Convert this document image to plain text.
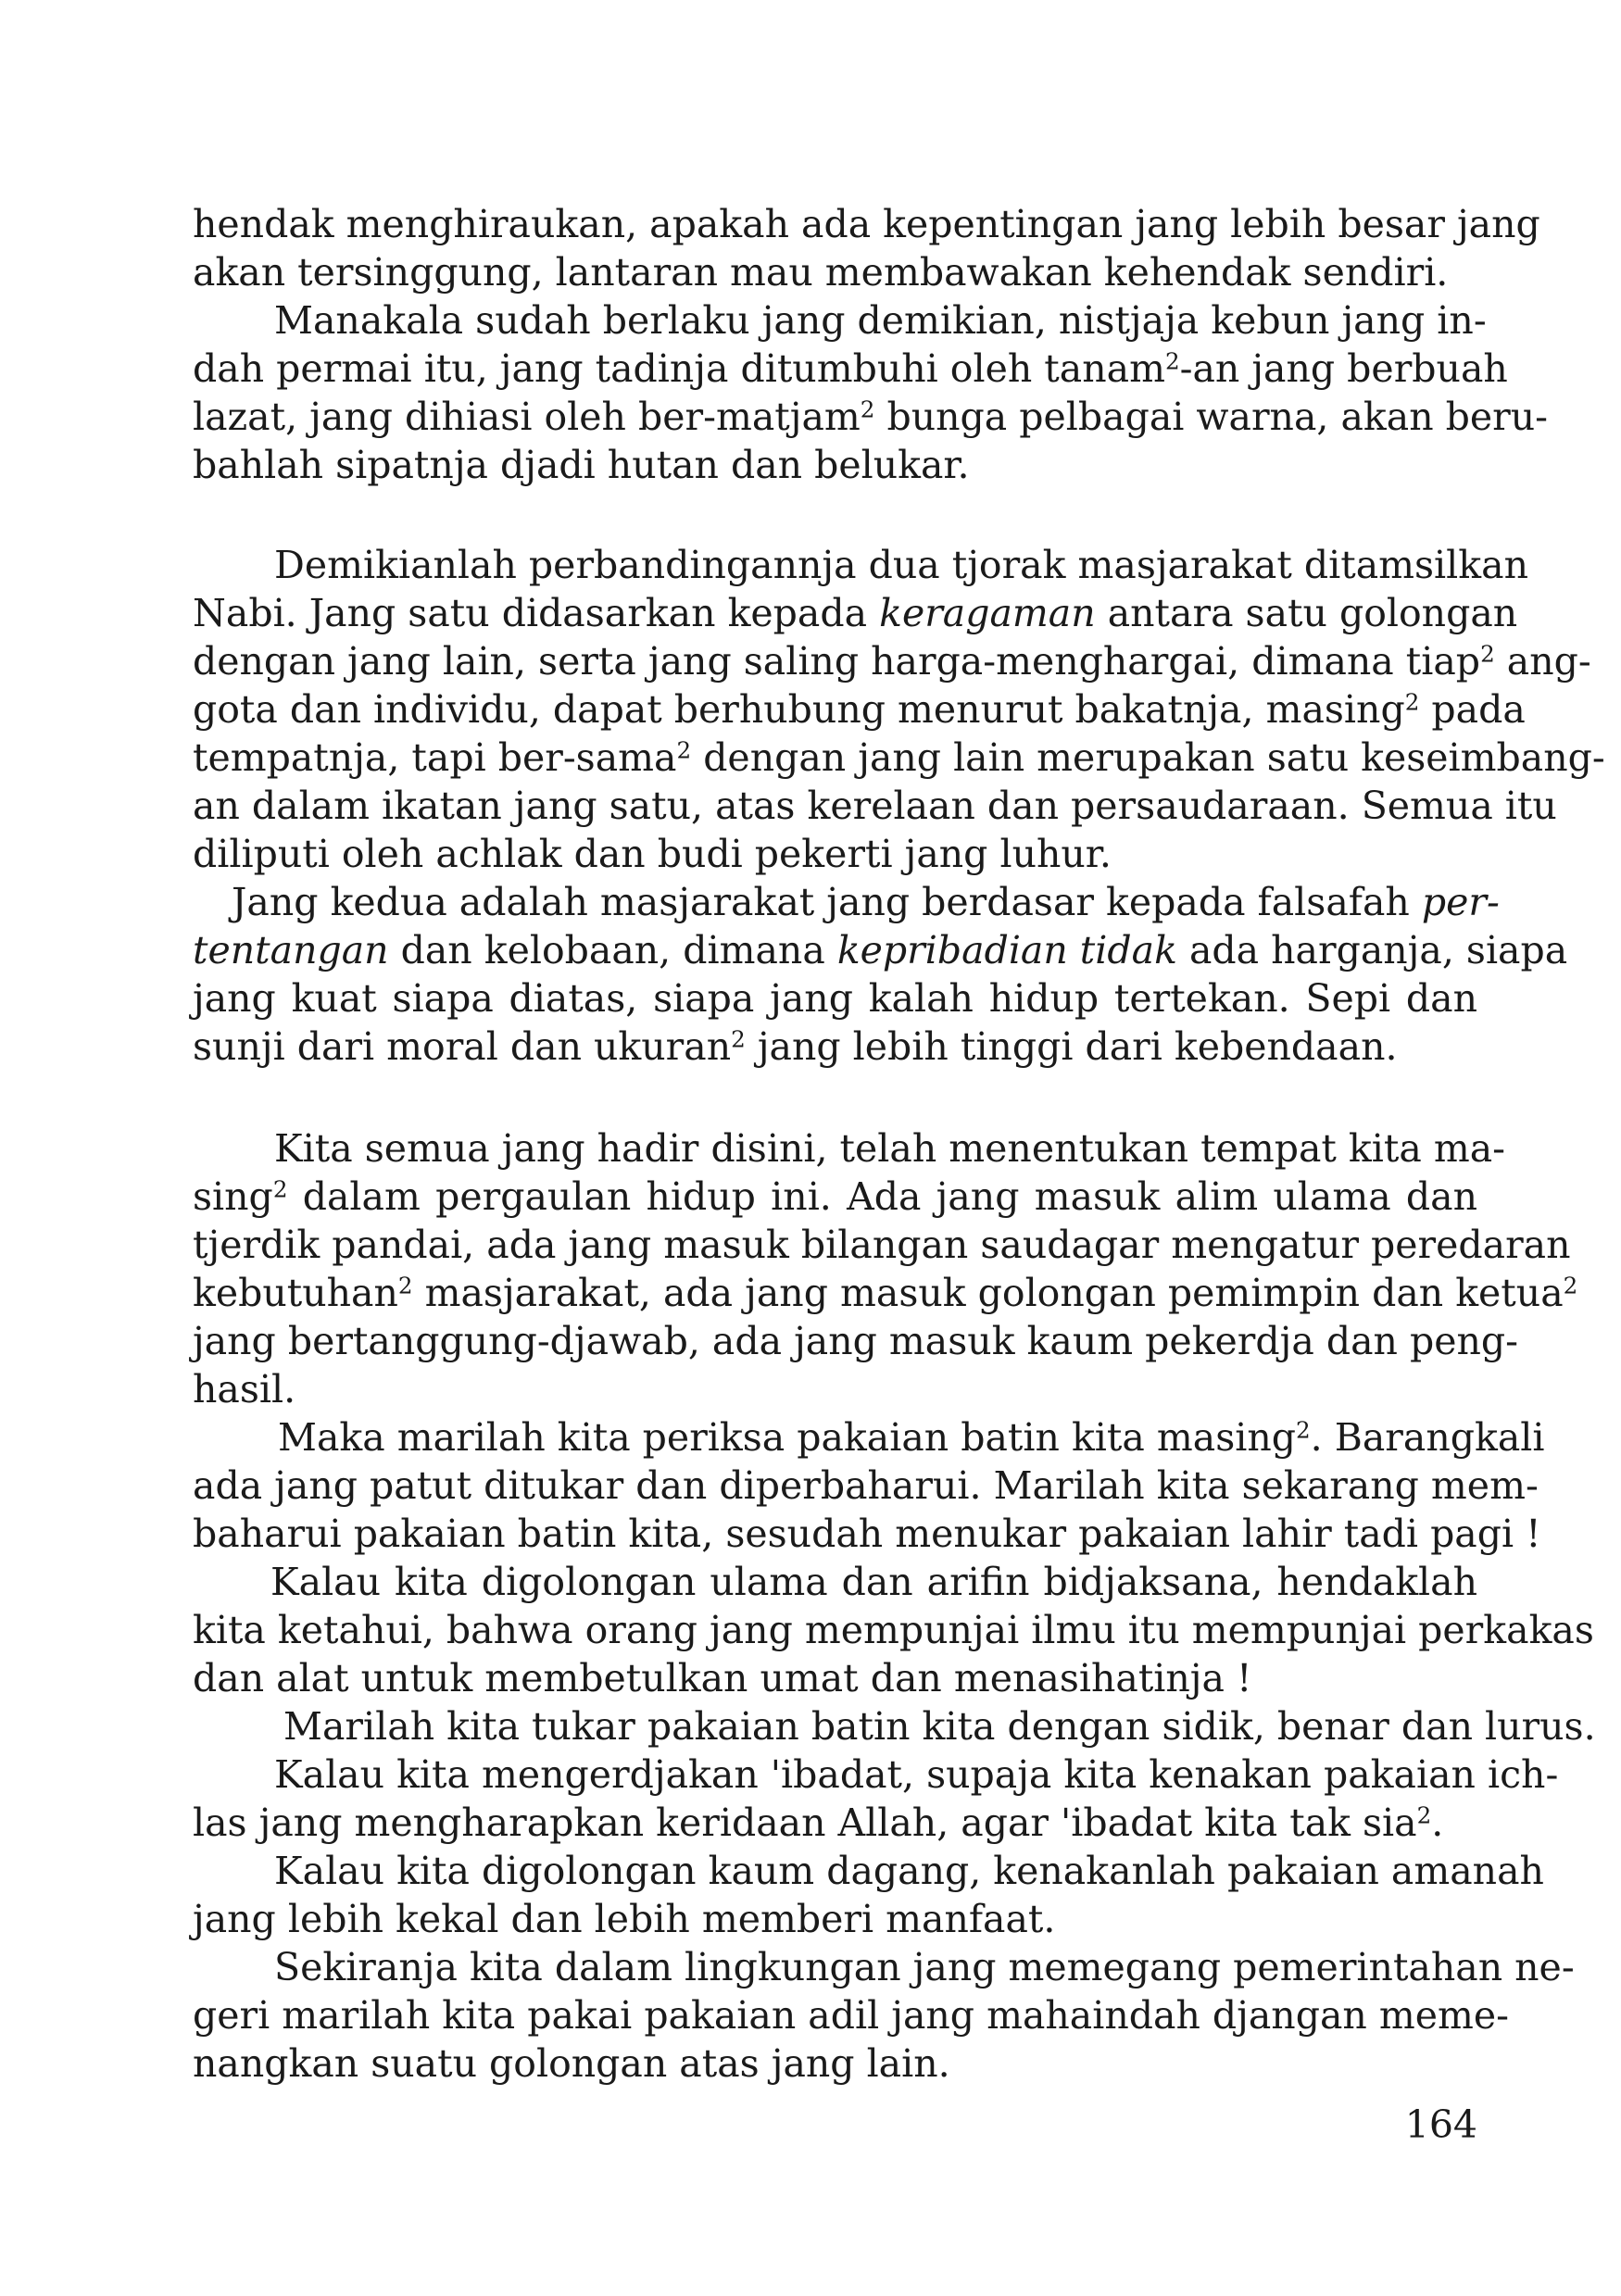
hendak menghiraukan, apakah ada kepentingan jang lebih besar jang
akan tersinggung, lantaran mau membawakan kehendak sendiri.
Manakala sudah berlaku jang demikian, nistjaja kebun jang in-
dah permai itu, jang tadinja ditumbuhi oleh tanam$^2$-an jang berbuah
lazat, jang dihiasi oleh ber-matjam$^2$ bunga pelbagai warna, akan beru-
bahlah sipatnja djadi hutan dan belukar.
Demikianlah perbandingannja dua tjorak masjarakat ditamsilkan
Nabi. Jang satu didasarkan kepada keragaman antara satu golongan
dengan jang lain, serta jang saling harga-menghargai, dimana tiap$^2$ ang-
gota dan individu, dapat berhubung menurut bakatnja, masing$^2$ pada
tempatnja, tapi ber-sama$^2$ dengan jang lain merupakan satu keseimbang-
an dalam ikatan jang satu, atas kerelaan dan persaudaraan. Semua itu
diliputi oleh achlak dan budi pekerti jang luhur.
Jang kedua adalah masjarakat jang berdasar kepada falsafah per-
tentangan dan kelobaan, dimana kepribadian tidak ada harganja, siapa
jang kuat siapa diatas, siapa jang kalah hidup tertekan. Sepi dan
sunji dari moral dan ukuran$^2$ jang lebih tinggi dari kebendaan.
Kita semua jang hadir disini, telah menentukan tempat kita ma-
sing$^2$ dalam pergaulan hidup ini. Ada jang masuk alim ulama dan
tjerdik pandai, ada jang masuk bilangan saudagar mengatur peredaran
kebutuhan$^2$ masjarakat, ada jang masuk golongan pemimpin dan ketua$^2$
jang bertanggung-djawab, ada jang masuk kaum pekerdja dan peng-
hasil.
Maka marilah kita periksa pakaian batin kita masing$^2$. Barangkali
ada jang patut ditukar dan diperbaharui. Marilah kita sekarang mem-
baharui pakaian batin kita, sesudah menukar pakaian lahir tadi pagi !
Kalau kita digolongan ulama dan arifin bidjaksana, hendaklah
kita ketahui, bahwa orang jang mempunjai ilmu itu mempunjai perkakas
dan alat untuk membetulkan umat dan menasihatinja !
Marilah kita tukar pakaian batin kita dengan sidik, benar dan lurus.
Kalau kita mengerdjakan 'ibadat, supaja kita kenakan pakaian ich-
las jang mengharapkan keridaan Allah, agar 'ibadat kita tak sia$^2$.
Kalau kita digolongan kaum dagang, kenakanlah pakaian amanah
jang lebih kekal dan lebih memberi manfaat.
Sekiranja kita dalam lingkungan jang memegang pemerintahan ne-
geri marilah kita pakai pakaian adil jang mahaindah djangan meme-
nangkan suatu golongan atas jang lain.
164
